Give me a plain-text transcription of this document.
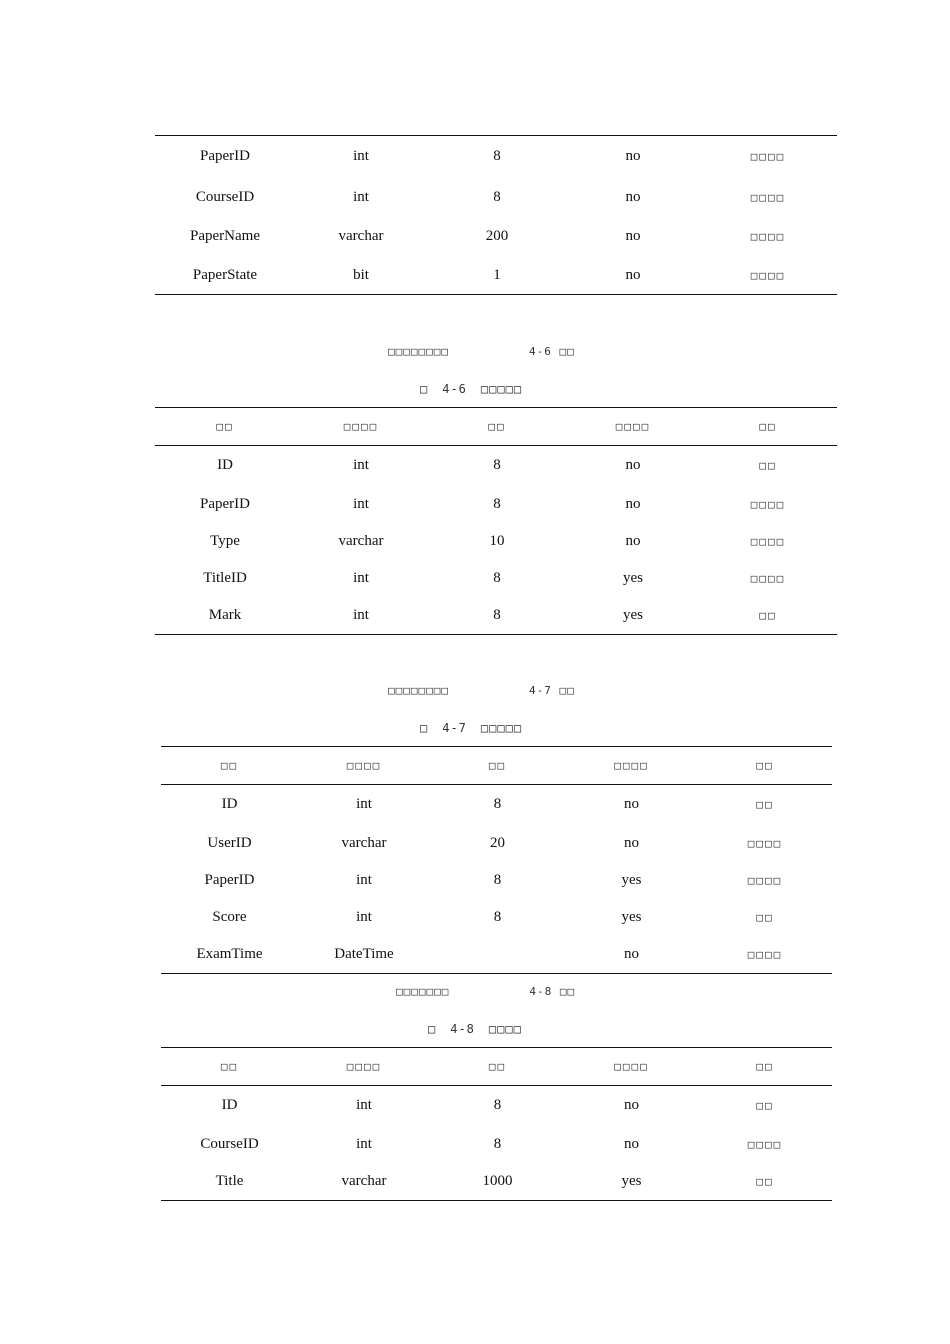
PaperID	int	8	no	□□□□
CourseID	int	8	no	□□□□
PaperName	varchar	200	no	□□□□
PaperState	bit	1	no	□□□□
□□□□□□□□	4-6 □□
□ 4-6 □□□□□
□□	□□□□	□□	□□□□	□□
ID	int	8	no	□□
PaperID	int	8	no	□□□□
Type	varchar	10	no	□□□□
TitleID	int	8	yes	□□□□
Mark	int	8	yes	□□
□□□□□□□□	4-7 □□
□ 4-7 □□□□□
□□	□□□□	□□	□□□□	□□
ID	int	8	no	□□
UserID	varchar	20	no	□□□□
PaperID	int	8	yes	□□□□
Score	int	8	yes	□□
ExamTime	DateTime		no	□□□□
□□□□□□□	4-8 □□
□ 4-8 □□□□
□□	□□□□	□□	□□□□	□□
ID	int	8	no	□□
CourseID	int	8	no	□□□□
Title	varchar	1000	yes	□□
